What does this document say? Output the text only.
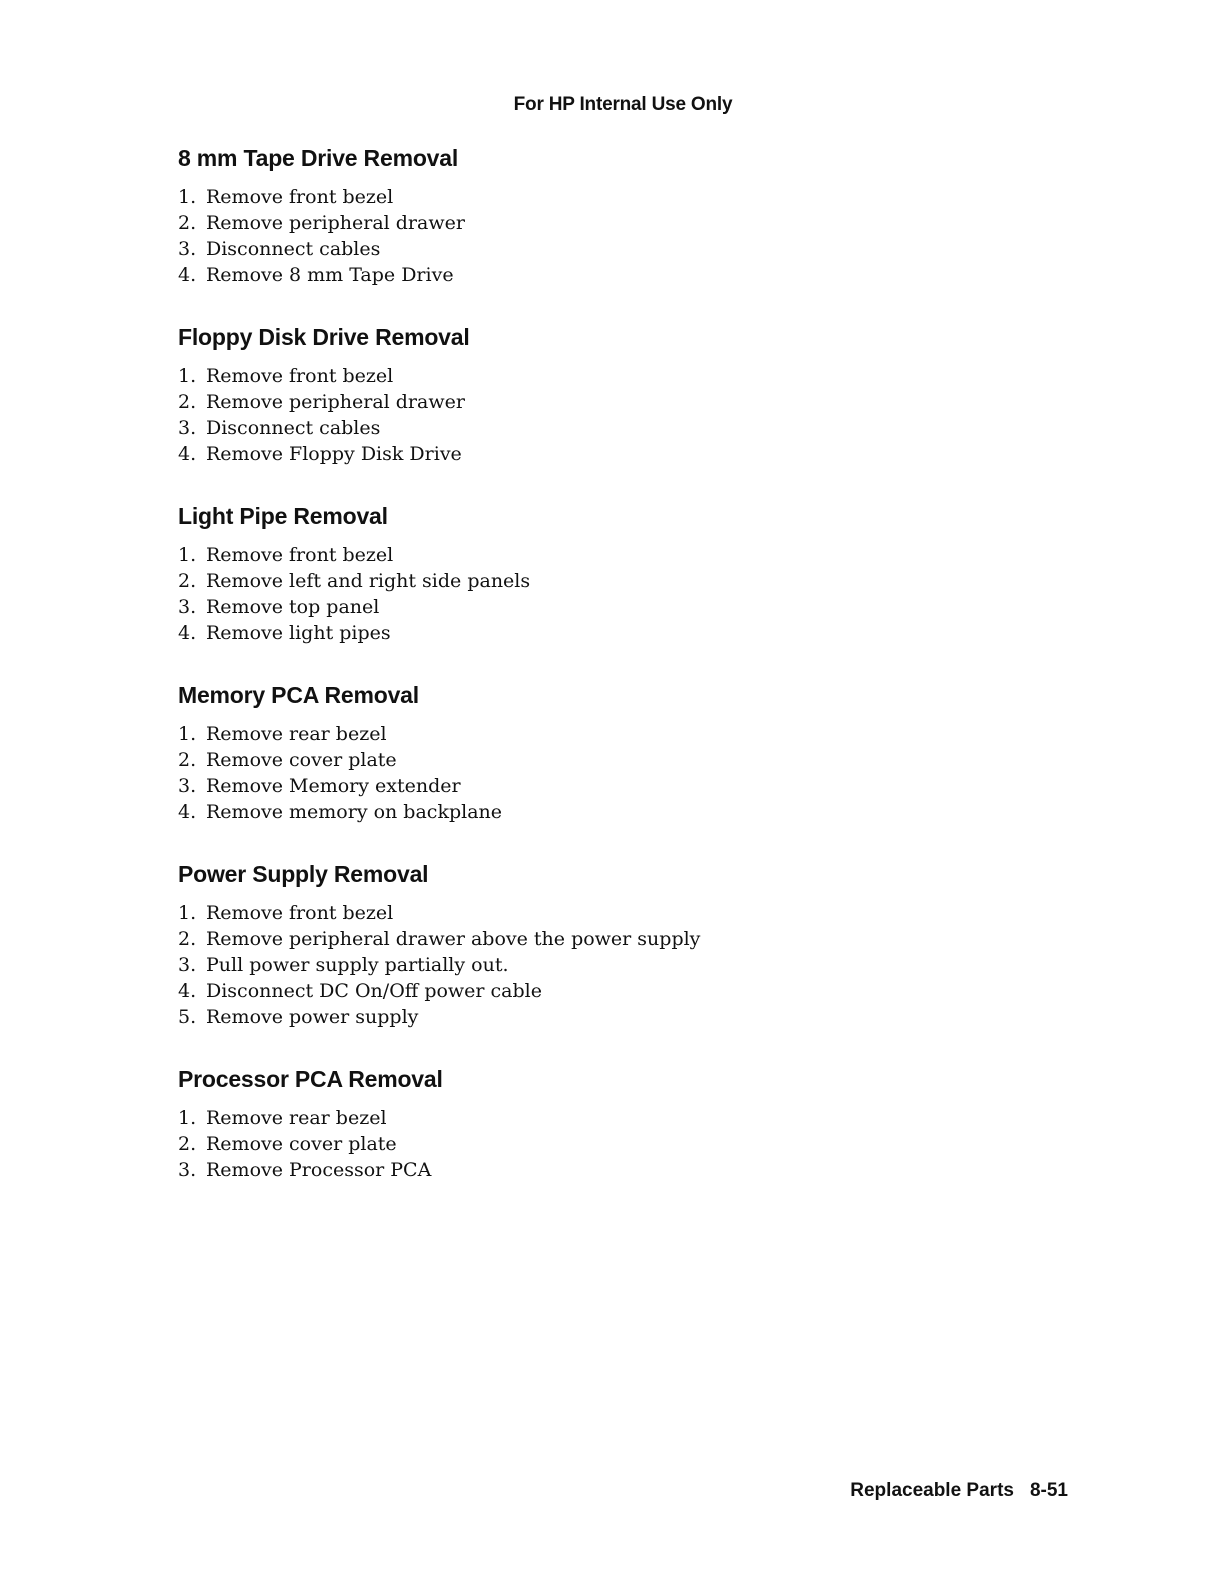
For HP Internal Use Only
8 mm Tape Drive Removal
1. Remove front bezel
2. Remove peripheral drawer
3. Disconnect cables
4. Remove 8 mm Tape Drive
Floppy Disk Drive Removal
1. Remove front bezel
2. Remove peripheral drawer
3. Disconnect cables
4. Remove Floppy Disk Drive
Light Pipe Removal
1. Remove front bezel
2. Remove left and right side panels
3. Remove top panel
4. Remove light pipes
Memory PCA Removal
1. Remove rear bezel
2. Remove cover plate
3. Remove Memory extender
4. Remove memory on backplane
Power Supply Removal
1. Remove front bezel
2. Remove peripheral drawer above the power supply
3. Pull power supply partially out.
4. Disconnect DC On/Off power cable
5. Remove power supply
Processor PCA Removal
1. Remove rear bezel
2. Remove cover plate
3. Remove Processor PCA
Replaceable Parts 8-51
